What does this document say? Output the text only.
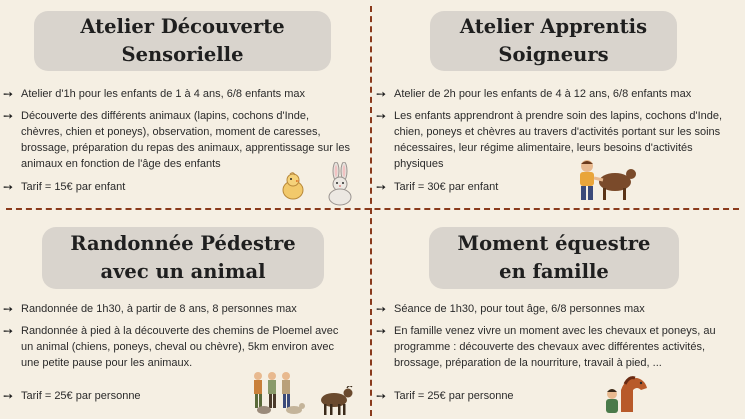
Atelier Découverte
Sensorielle
➙ Atelier d'1h pour les enfants de 1 à 4 ans, 6/8 enfants max
➙ Découverte des différents animaux (lapins, cochons d'Inde, chèvres, chien et poneys), observation, moment de caresses, brossage, préparation du repas des animaux, apprentissage sur les animaux en fonction de l'âge des enfants
➙ Tarif = 15€ par enfant
Atelier Apprentis
Soigneurs
➙ Atelier de 2h pour les enfants de 4 à 12 ans, 6/8 enfants max
➙ Les enfants apprendront à prendre soin des lapins, cochons d'Inde, chien, poneys et chèvres au travers d'activités portant sur les soins nécessaires, leur régime alimentaire, leurs besoins d'activités physiques
➙ Tarif = 30€ par enfant
Randonnée Pédestre
avec un animal
➙ Randonnée de 1h30, à partir de 8 ans, 8 personnes max
➙ Randonnée à pied à la découverte des chemins de Ploemel avec un animal (chiens, poneys, cheval ou chèvre), 5km environ avec une petite pause pour les animaux.
➙ Tarif = 25€ par personne
Moment équestre
en famille
➙ Séance de 1h30, pour tout âge, 6/8 personnes max
➙ En famille venez vivre un moment avec les chevaux et poneys, au programme : découverte des chevaux avec différentes activités, brossage, préparation de la nourriture, travail à pied, ...
➙ Tarif = 25€ par personne
